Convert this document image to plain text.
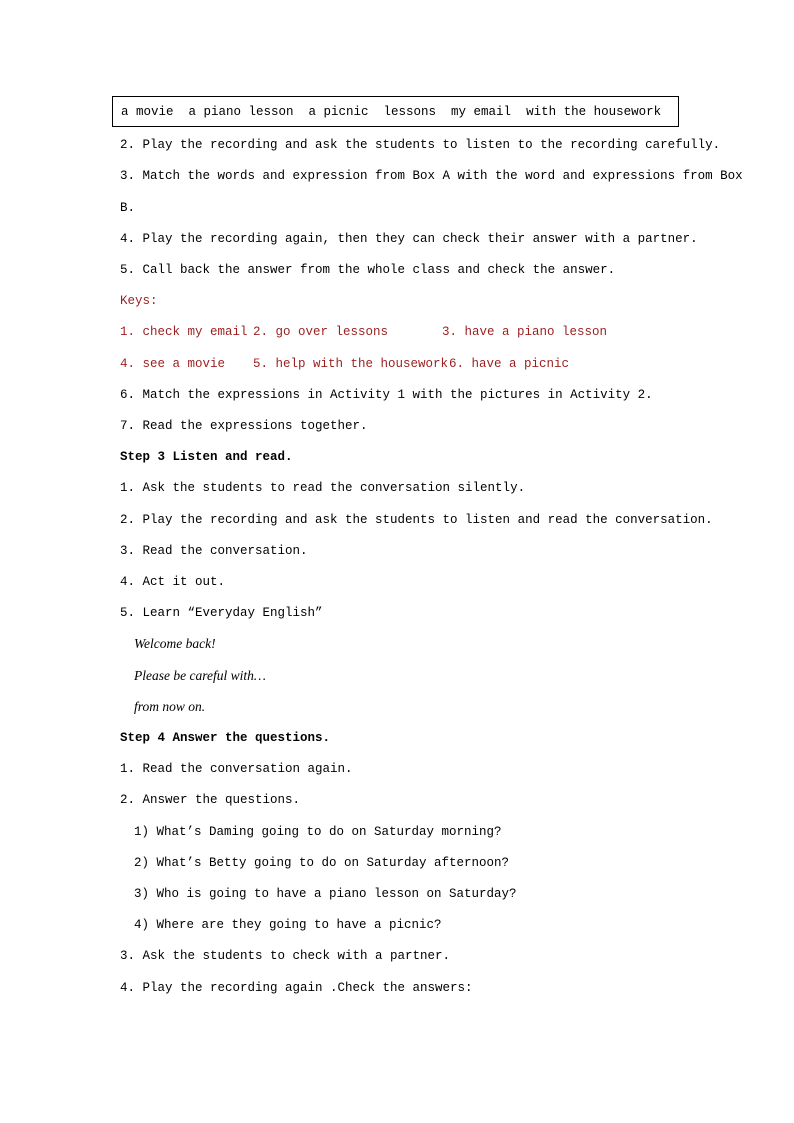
a movie  a piano lesson  a picnic  lessons  my email  with the housework
2. Play the recording and ask the students to listen to the recording carefully.
3. Match the words and expression from Box A with the word and expressions from Box
B.
4. Play the recording again, then they can check their answer with a partner.
5. Call back the answer from the whole class and check the answer.
Keys:
1. check my email 2. go over lessons	3. have a piano lesson
4. see a movie 5. help with the housework 6. have a picnic
6. Match the expressions in Activity 1 with the pictures in Activity 2.
7. Read the expressions together.
Step 3 Listen and read.
1. Ask the students to read the conversation silently.
2. Play the recording and ask the students to listen and read the conversation.
3. Read the conversation.
4. Act it out.
5. Learn “Everyday English”
Welcome back!
Please be careful with…
from now on.
Step 4 Answer the questions.
1. Read the conversation again.
2. Answer the questions.
1) What’s Daming going to do on Saturday morning?
2) What’s Betty going to do on Saturday afternoon?
3) Who is going to have a piano lesson on Saturday?
4) Where are they going to have a picnic?
3. Ask the students to check with a partner.
4. Play the recording again .Check the answers:
